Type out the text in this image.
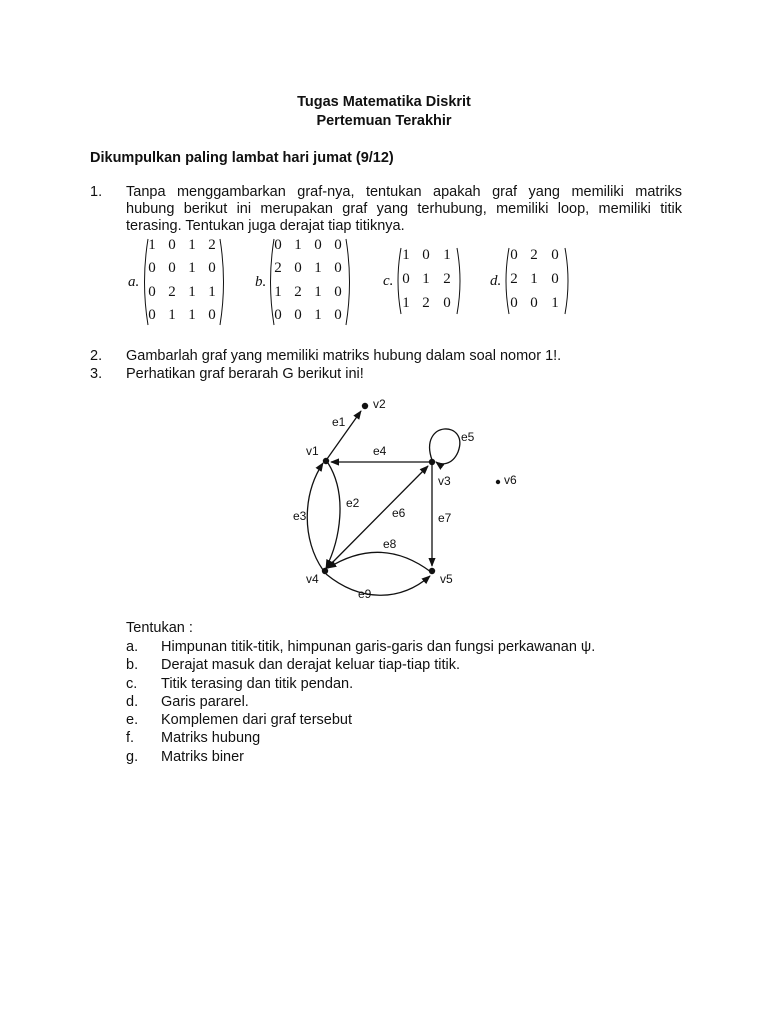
Tugas Matematika Diskrit
Pertemuan Terakhir
Dikumpulkan paling lambat hari jumat (9/12)
1. Tanpa menggambarkan graf-nya, tentukan apakah graf yang memiliki matriks
hubung berikut ini merupakan graf yang terhubung, memiliki loop, memiliki titik
terasing. Tentukan juga derajat tiap titiknya.
a.
1 0 1 2
0 0 1 0
0 2 1 1
0 1 1 0
b.
0 1 0 0
2 0 1 0
1 2 1 0
0 0 1 0
c.
1 0 1
0 1 2
1 2 0
d.
0 2 0
2 1 0
0 0 1
2. Gambarlah graf yang memiliki matriks hubung dalam soal nomor 1!.
3. Perhatikan graf berarah G berikut ini!
v2
v1
v3
v4	v5
v6
e1
e2
e3
e4
e5
e6	e7
e8
e9
Tentukan :
a. Himpunan titik-titik, himpunan garis-garis dan fungsi perkawanan ψ.
b. Derajat masuk dan derajat keluar tiap-tiap titik.
c. Titik terasing dan titik pendan.
d. Garis pararel.
e. Komplemen dari graf tersebut
f. Matriks hubung
g. Matriks biner
